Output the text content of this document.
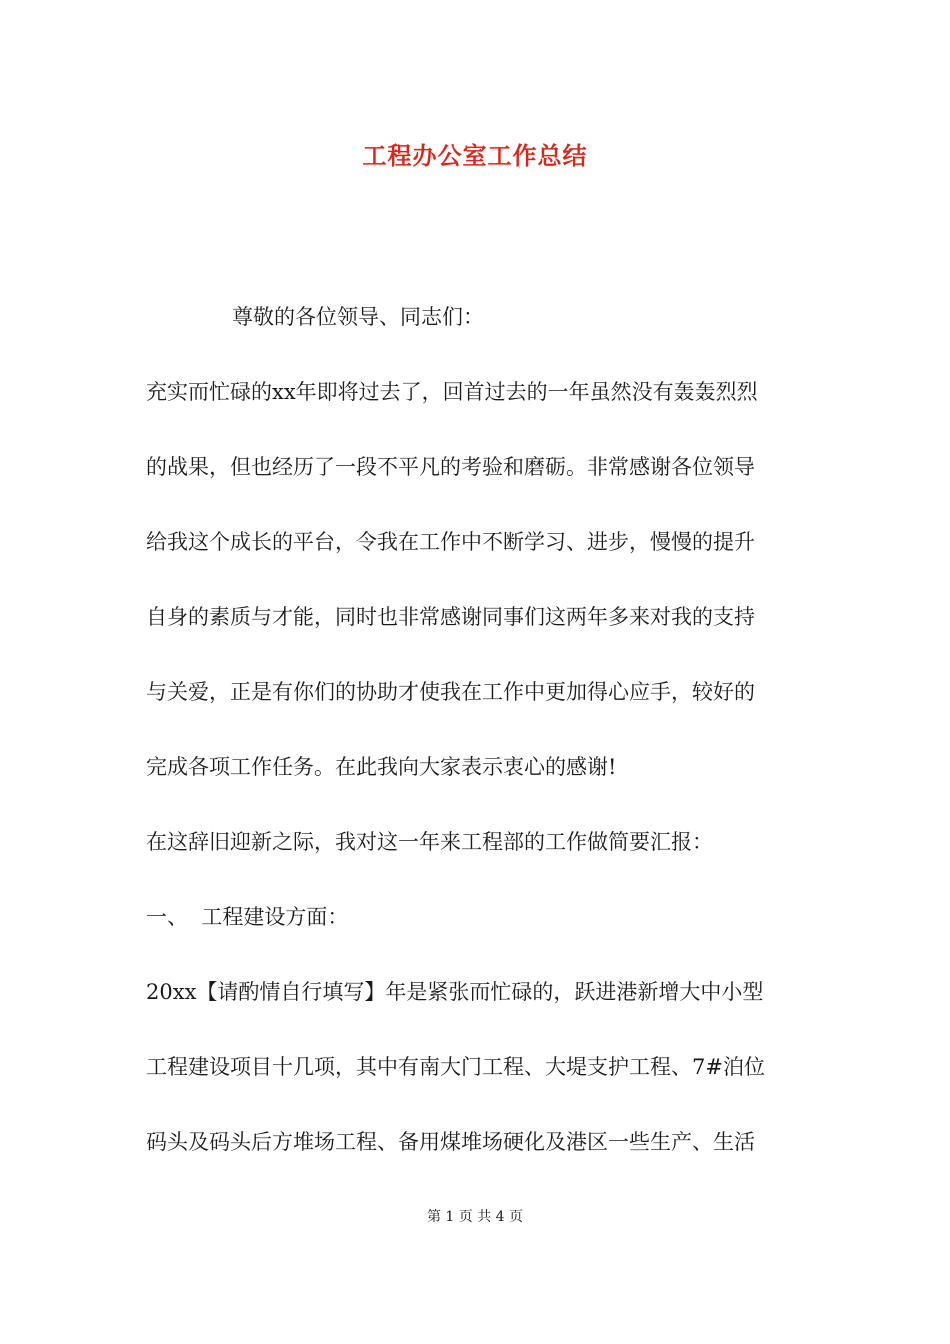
工程办公室工作总结
尊敬的各位领导、同志们：
充实而忙碌的xx年即将过去了，回首过去的一年虽然没有轰轰烈烈
的战果，但也经历了一段不平凡的考验和磨砺。非常感谢各位领导
给我这个成长的平台，令我在工作中不断学习、进步，慢慢的提升
自身的素质与才能，同时也非常感谢同事们这两年多来对我的支持
与关爱，正是有你们的协助才使我在工作中更加得心应手，较好的
完成各项工作任务。在此我向大家表示衷心的感谢!
在这辞旧迎新之际，我对这一年来工程部的工作做简要汇报：
一、  工程建设方面：
20xx【请酌情自行填写】年是紧张而忙碌的，跃进港新增大中小型
工程建设项目十几项，其中有南大门工程、大堤支护工程、7#泊位
码头及码头后方堆场工程、备用煤堆场硬化及港区一些生产、生活
第 1 页 共 4 页
